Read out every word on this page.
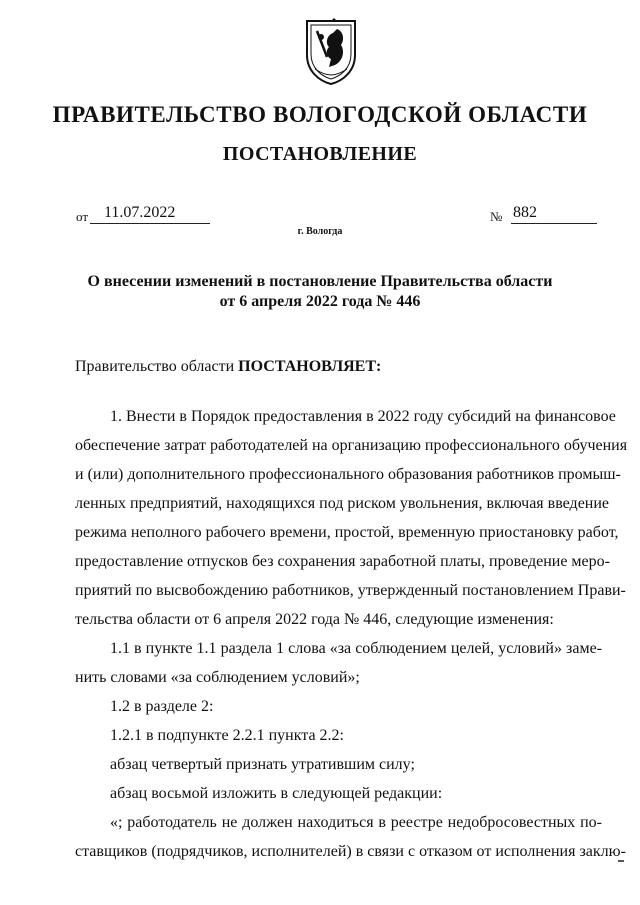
ПРАВИТЕЛЬСТВО ВОЛОГОДСКОЙ ОБЛАСТИ
ПОСТАНОВЛЕНИЕ
от 11.07.2022	№ 882
г. Вологда
О внесении изменений в постановление Правительства области
от 6 апреля 2022 года № 446
Правительство области ПОСТАНОВЛЯЕТ:
1. Внести в Порядок предоставления в 2022 году субсидий на финансовое
обеспечение затрат работодателей на организацию профессионального обучения
и (или) дополнительного профессионального образования работников промыш-
ленных предприятий, находящихся под риском увольнения, включая введение
режима неполного рабочего времени, простой, временную приостановку работ,
предоставление отпусков без сохранения заработной платы, проведение меро-
приятий по высвобождению работников, утвержденный постановлением Прави-
тельства области от 6 апреля 2022 года № 446, следующие изменения:
1.1 в пункте 1.1 раздела 1 слова «за соблюдением целей, условий» заме-
нить словами «за соблюдением условий»;
1.2 в разделе 2:
1.2.1 в подпункте 2.2.1 пункта 2.2:
абзац четвертый признать утратившим силу;
абзац восьмой изложить в следующей редакции:
«; работодатель не должен находиться в реестре недобросовестных по-
ставщиков (подрядчиков, исполнителей) в связи с отказом от исполнения заклю-
